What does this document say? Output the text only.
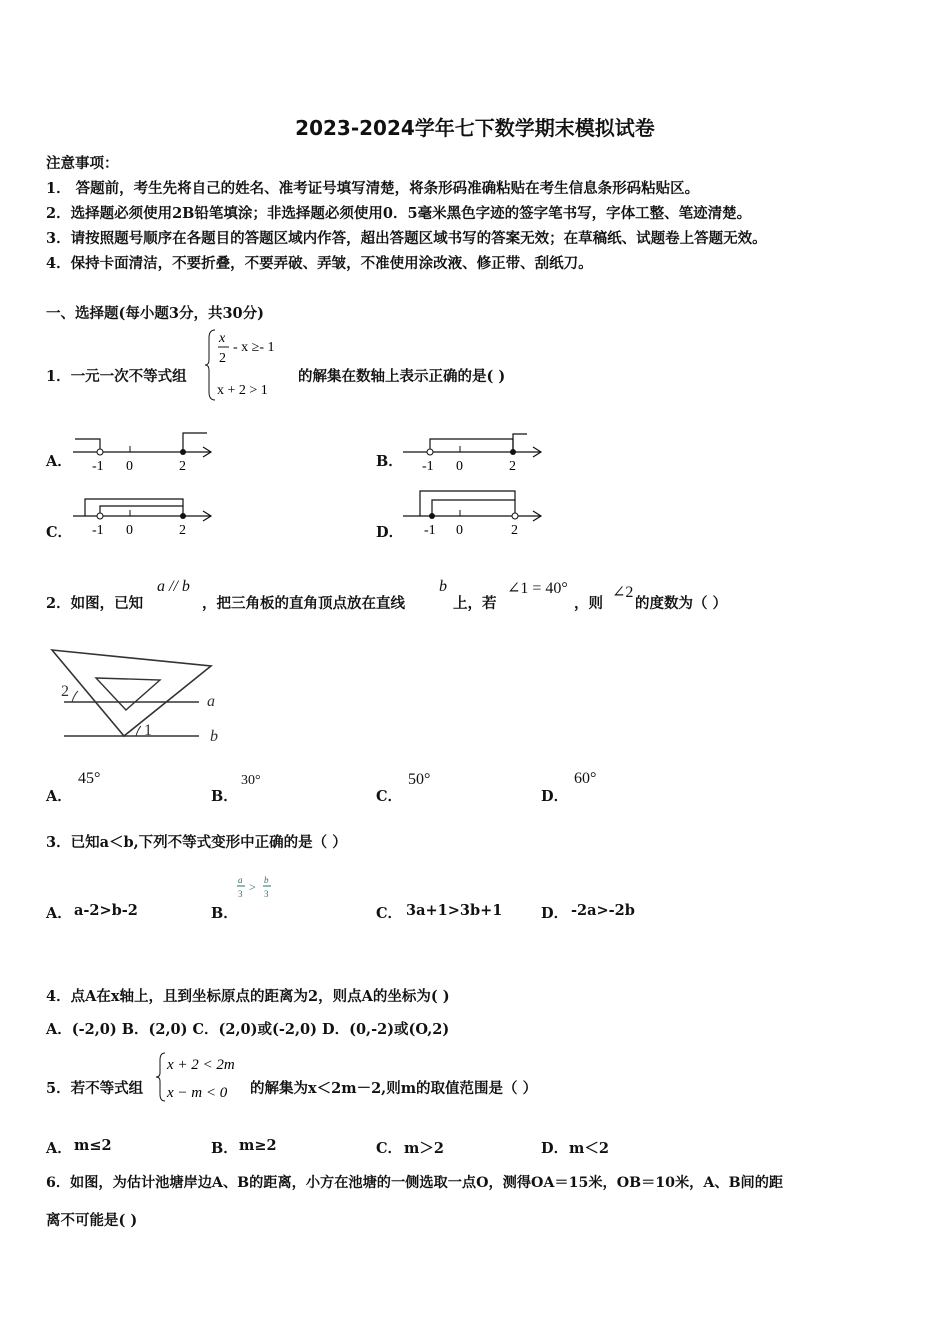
2023-2024学年七下数学期末模拟试卷
注意事项：
1． 答题前，考生先将自己的姓名、准考证号填写清楚，将条形码准确粘贴在考生信息条形码粘贴区。
2．选择题必须使用2B铅笔填涂；非选择题必须使用0．5毫米黑色字迹的签字笔书写，字体工整、笔迹清楚。
3．请按照题号顺序在各题目的答题区域内作答，超出答题区域书写的答案无效；在草稿纸、试题卷上答题无效。
4．保持卡面清洁，不要折叠，不要弄破、弄皱，不准使用涂改液、修正带、刮纸刀。
一、选择题(每小题3分，共30分)
1．一元一次不等式组
x
2
- x ≥- 1
x + 2 > 1
的解集在数轴上表示正确的是( )
A． -1 0	2	B． -1 0	2
C． -1 0	2	D． -1 0	2
2．如图，已知
a // b
，把三角板的直角顶点放在直线
b
上，若
∠1 = 40°
，则
∠2
的度数为（ ）
2
1
a
b
A．
45°
B．
30°
C．
50°
D．
60°
3．已知a＜b,下列不等式变形中正确的是（ ）
A． a-2>b-2	B．
a
3 > b
3
C． 3a+1>3b+1	D． -2a>-2b
4．点A在x轴上，且到坐标原点的距离为2，则点A的坐标为( )
A．(-2,0) B．(2,0) C．(2,0)或(-2,0) D．(0,-2)或(O,2)
5．若不等式组
x + 2 < 2m
x − m < 0 的解集为x＜2m－2,则m的取值范围是（ ）
A． m≤2	B． m≥2	C． m＞2	D． m＜2
6．如图，为估计池塘岸边A、B的距离，小方在池塘的一侧选取一点O，测得OA＝15米，OB＝10米，A、B间的距
离不可能是( )
